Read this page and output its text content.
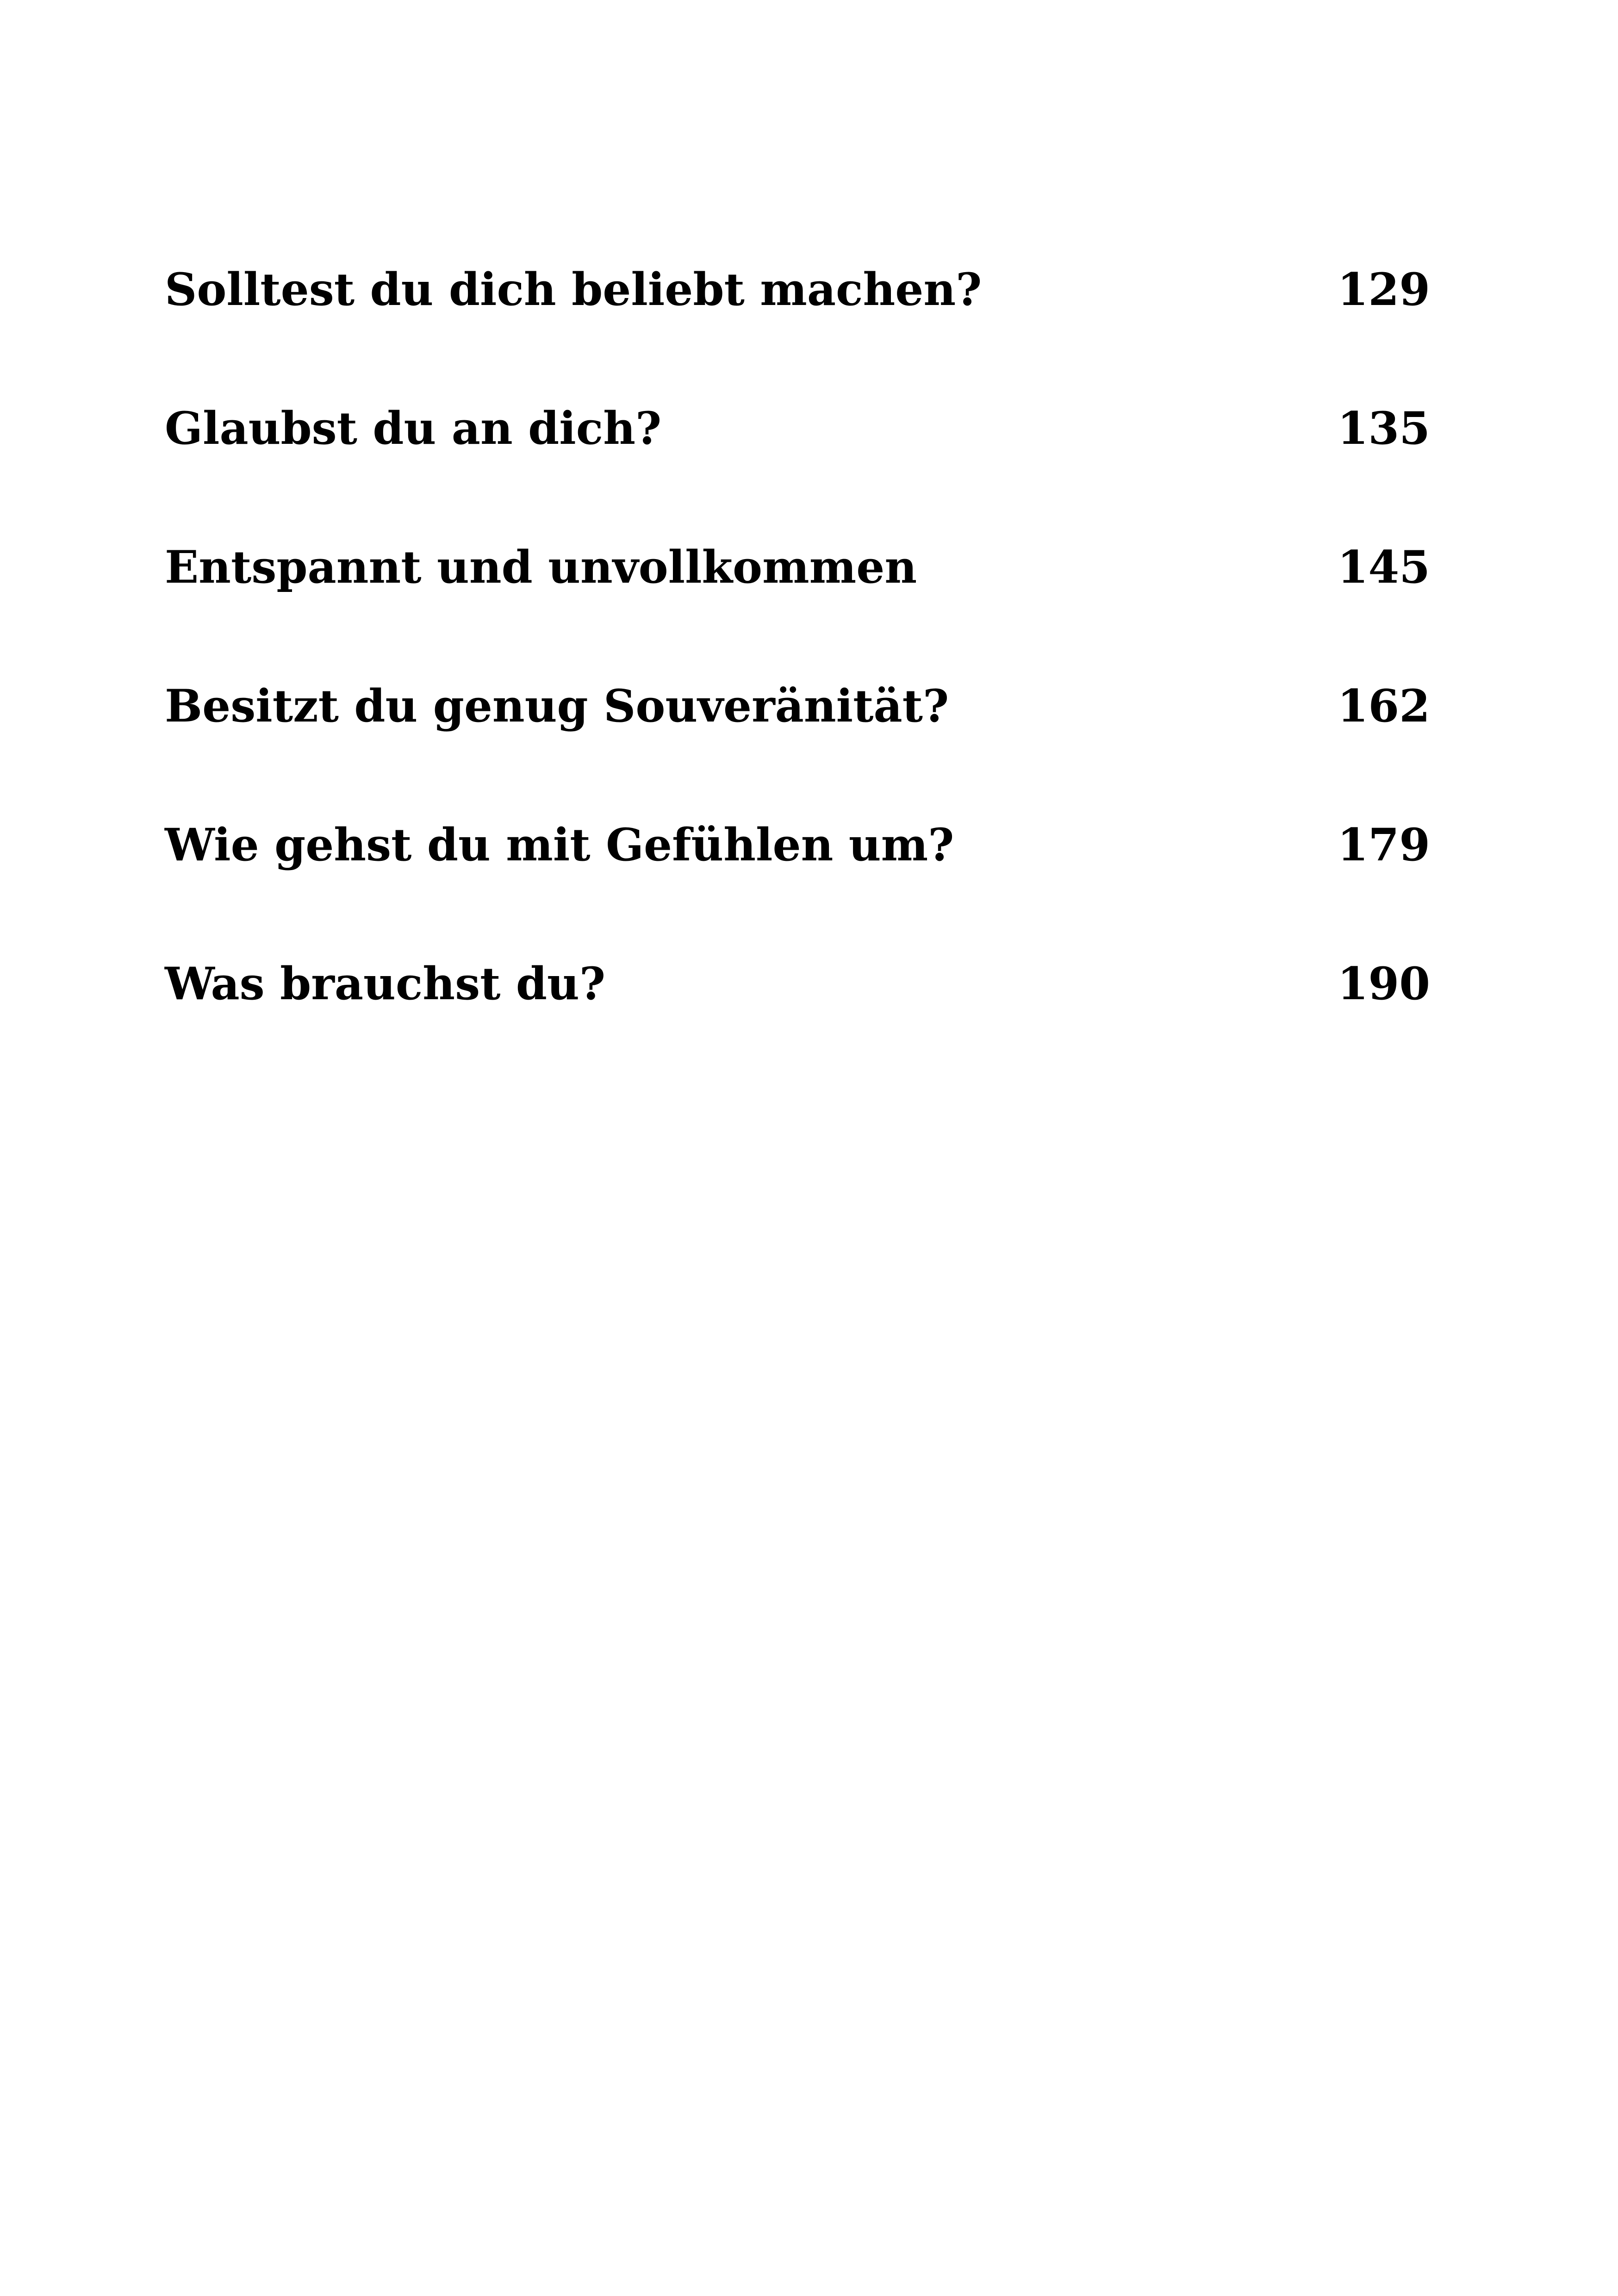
Solltest du dich beliebt machen?	129
Glaubst du an dich?	135
Entspannt und unvollkommen	145
Besitzt du genug Souveränität?	162
Wie gehst du mit Gefühlen um?	179
Was brauchst du?	190
